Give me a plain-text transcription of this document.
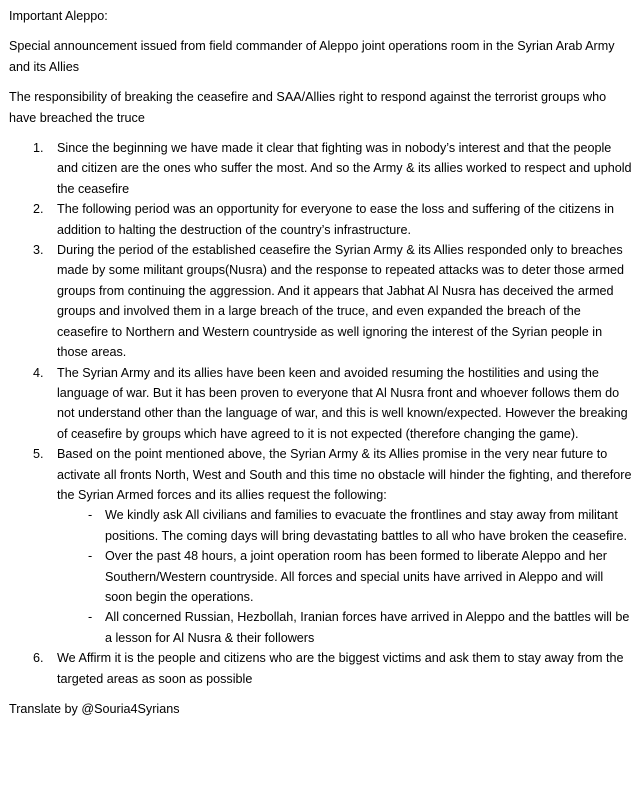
Important Aleppo:

Special announcement issued from field commander of Aleppo joint operations room in the Syrian Arab Army and its Allies

The responsibility of breaking the ceasefire and SAA/Allies right to respond against the terrorist groups who have breached the truce

1. Since the beginning we have made it clear that fighting was in nobody’s interest and that the people and citizen are the ones who suffer the most. And so the Army & its allies worked to respect and uphold the ceasefire
2. The following period was an opportunity for everyone to ease the loss and suffering of the citizens in addition to halting the destruction of the country’s infrastructure.
3. During the period of the established ceasefire the Syrian Army & its Allies responded only to breaches made by some militant groups(Nusra) and the response to repeated attacks was to deter those armed groups from continuing the aggression. And it appears that Jabhat Al Nusra has deceived the armed groups and involved them in a large breach of the truce, and even expanded the breach of the ceasefire to Northern and Western countryside as well ignoring the interest of the Syrian people in those areas.
4. The Syrian Army and its allies have been keen and avoided resuming the hostilities and using the language of war. But it has been proven to everyone that Al Nusra front and whoever follows them do not understand other than the language of war, and this is well known/expected. However the breaking of ceasefire by groups which have agreed to it is not expected (therefore changing the game).
5. Based on the point mentioned above, the Syrian Army & its Allies promise in the very near future to activate all fronts North, West and South and this time no obstacle will hinder the fighting, and therefore the Syrian Armed forces and its allies request the following:
- We kindly ask All civilians and families to evacuate the frontlines and stay away from militant positions. The coming days will bring devastating battles to all who have broken the ceasefire.
- Over the past 48 hours, a joint operation room has been formed to liberate Aleppo and her Southern/Western countryside. All forces and special units have arrived in Aleppo and will soon begin the operations.
- All concerned Russian, Hezbollah, Iranian forces have arrived in Aleppo and the battles will be a lesson for Al Nusra & their followers
6. We Affirm it is the people and citizens who are the biggest victims and ask them to stay away from the targeted areas as soon as possible

Translate by @Souria4Syrians
